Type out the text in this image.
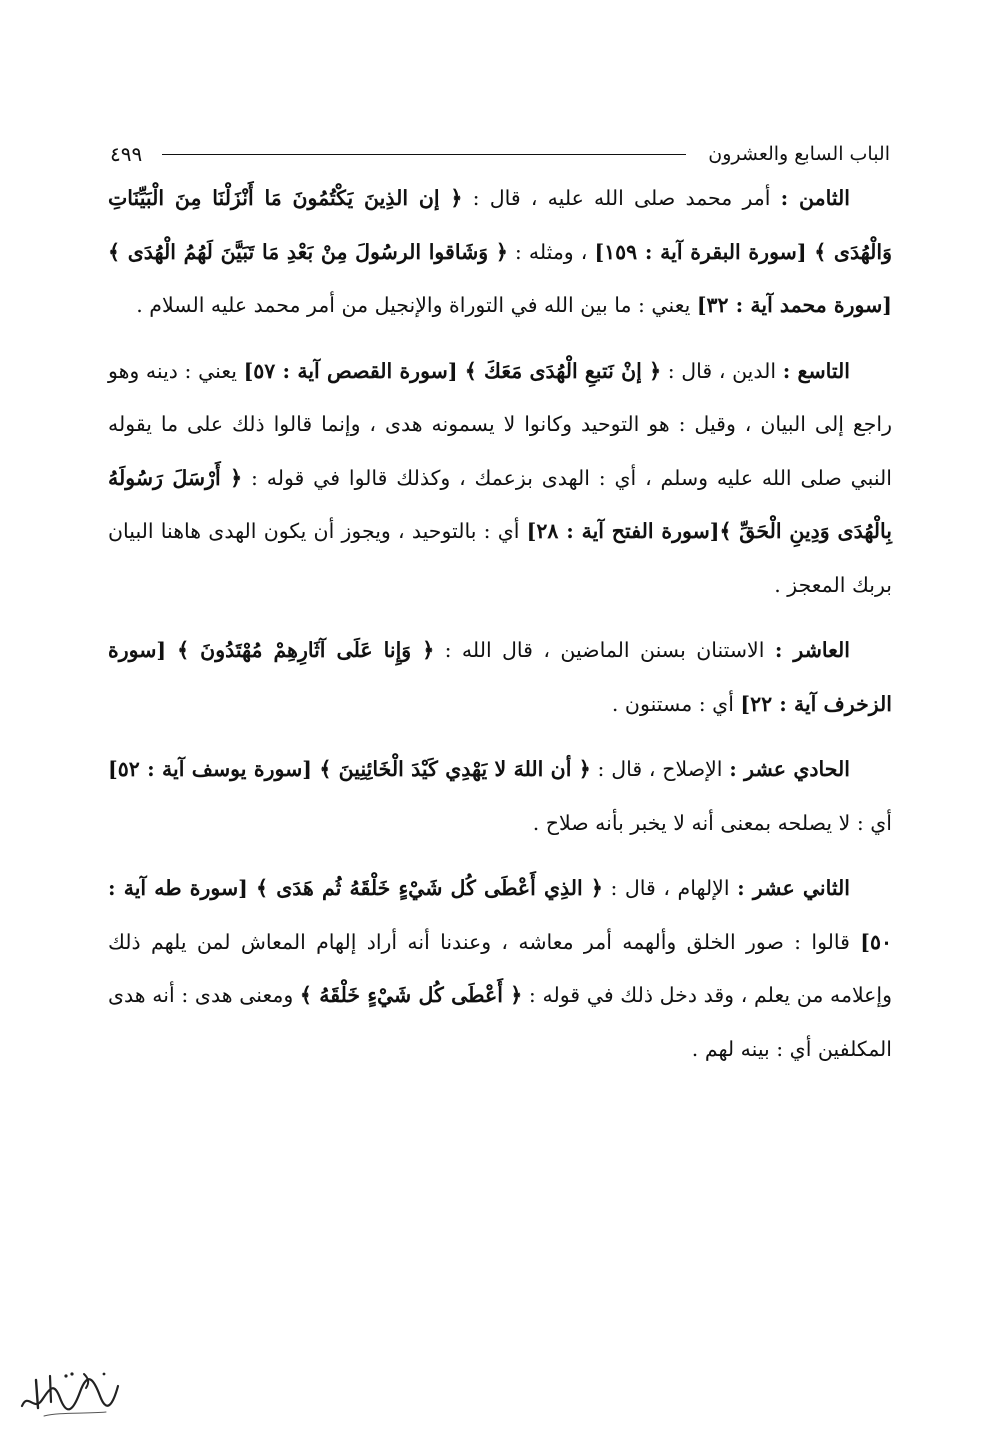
الباب السابع والعشرون
٤٩٩

الثامن : أمر محمد صلى الله عليه ، قال : ﴿ إن الذِينَ يَكْتُمُونَ مَا أَنْزَلْنَا مِنَ الْبَيِّنَاتِ وَالْهُدَى ﴾ [سورة البقرة آية : ١٥٩] ، ومثله : ﴿ وَشَاقوا الرسُولَ مِنْ بَعْدِ مَا تَبَيَّنَ لَهُمُ الْهُدَى ﴾ [سورة محمد آية : ٣٢] يعني : ما بين الله في التوراة والإنجيل من أمر محمد عليه السلام .

التاسع : الدين ، قال : ﴿ إنْ نَتبعِ الْهُدَى مَعَكَ ﴾ [سورة القصص آية : ٥٧] يعني : دينه وهو راجع إلى البيان ، وقيل : هو التوحيد وكانوا لا يسمونه هدى ، وإنما قالوا ذلك على ما يقوله النبي صلى الله عليه وسلم ، أي : الهدى بزعمك ، وكذلك قالوا في قوله : ﴿ أَرْسَلَ رَسُولَهُ بِالْهُدَى وَدِينِ الْحَقِّ ﴾[سورة الفتح آية : ٢٨] أي : بالتوحيد ، ويجوز أن يكون الهدى هاهنا البيان بربك المعجز .

العاشر : الاستنان بسنن الماضين ، قال الله : ﴿ وَإِنا عَلَى آثَارِهِمْ مُهْتَدُونَ ﴾ [سورة الزخرف آية : ٢٢] أي : مستنون .

الحادي عشر : الإصلاح ، قال : ﴿ أن اللهَ لا يَهْدِي كَيْدَ الْخَائِنِينَ ﴾ [سورة يوسف آية : ٥٢] أي : لا يصلحه بمعنى أنه لا يخبر بأنه صلاح .

الثاني عشر : الإلهام ، قال : ﴿ الذِي أَعْطَى كُل شَيْءٍ خَلْقَهُ ثُم هَدَى ﴾ [سورة طه آية : ٥٠] قالوا : صور الخلق وألهمه أمر معاشه ، وعندنا أنه أراد إلهام المعاش لمن يلهم ذلك وإعلامه من يعلم ، وقد دخل ذلك في قوله : ﴿ أَعْطَى كُل شَيْءٍ خَلْقَهُ ﴾ ومعنى هدى : أنه هدى المكلفين أي : بينه لهم .
